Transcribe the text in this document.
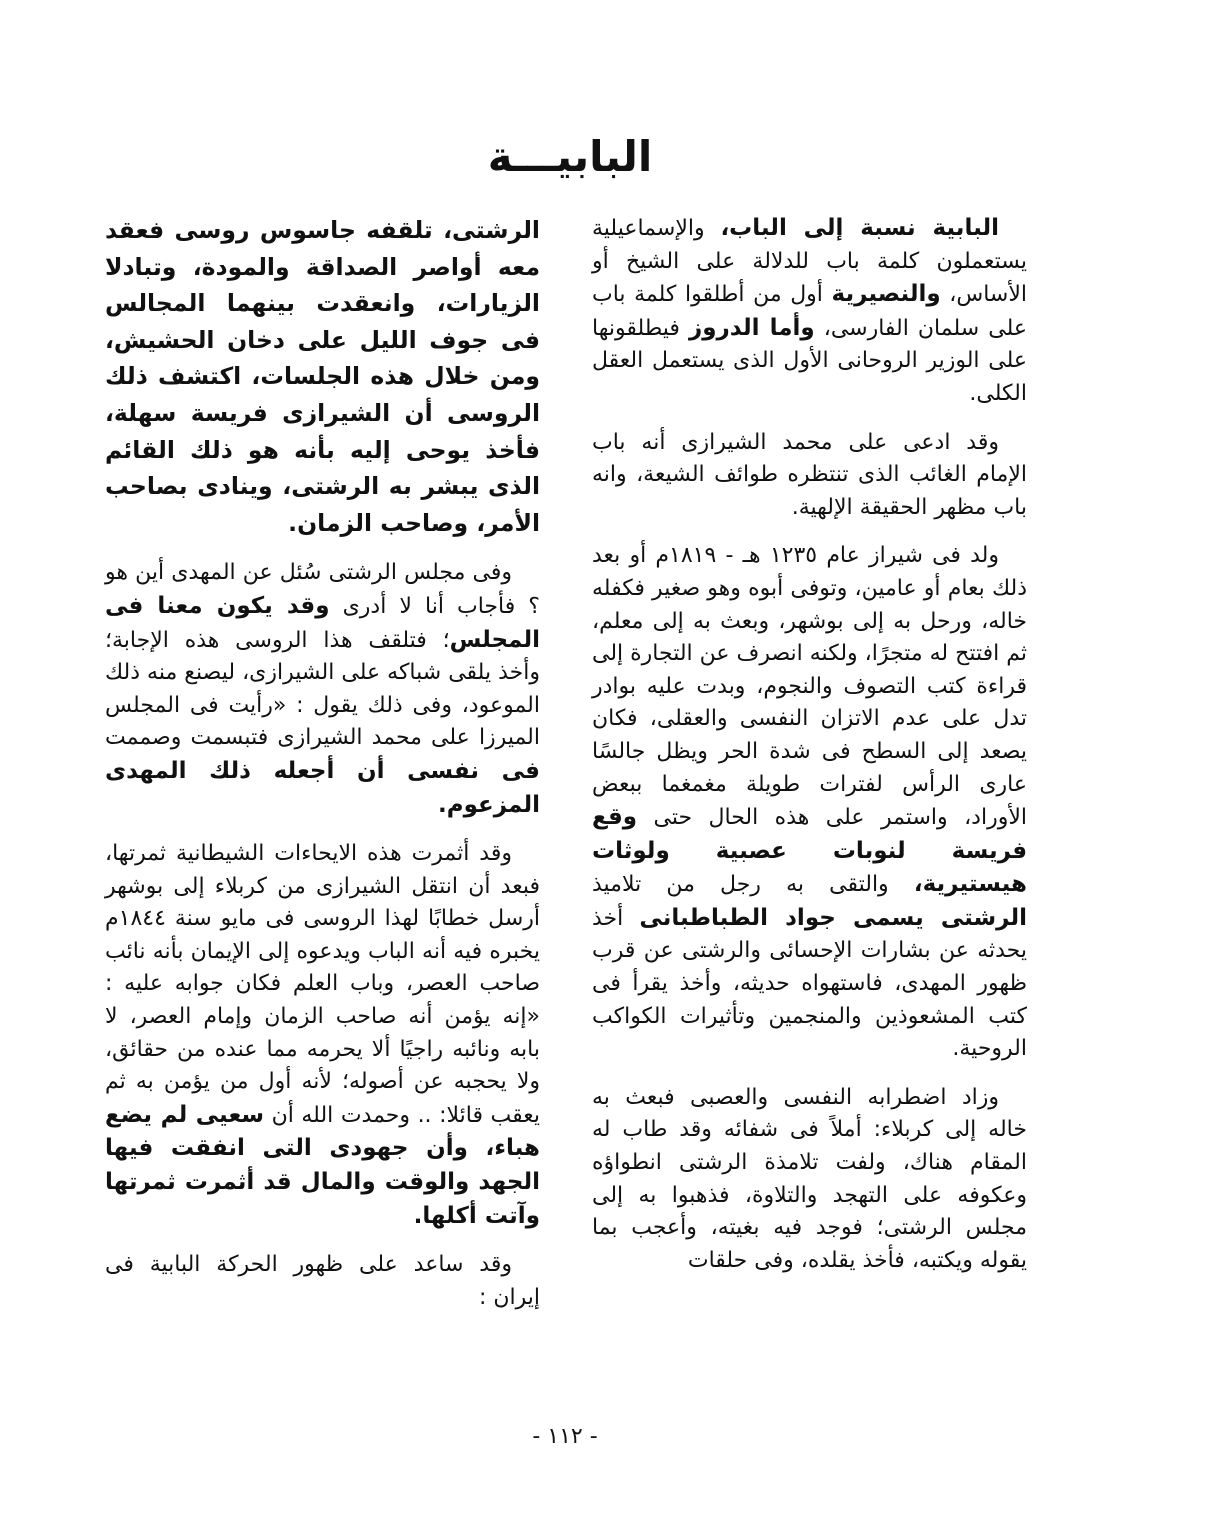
البابيـــة

البابية نسبة إلى الباب، والإسماعيلية يستعملون كلمة باب للدلالة على الشيخ أو الأساس، والنصيرية أول من أطلقوا كلمة باب على سلمان الفارسى، وأما الدروز فيطلقونها على الوزير الروحانى الأول الذى يستعمل العقل الكلى.

وقد ادعى على محمد الشيرازى أنه باب الإمام الغائب الذى تنتظره طوائف الشيعة، وانه باب مظهر الحقيقة الإلهية.

ولد فى شيراز عام ١٢٣٥ هـ - ١٨١٩م أو بعد ذلك بعام أو عامين، وتوفى أبوه وهو صغير فكفله خاله، ورحل به إلى بوشهر، وبعث به إلى معلم، ثم افتتح له متجرًا، ولكنه انصرف عن التجارة إلى قراءة كتب التصوف والنجوم، وبدت عليه بوادر تدل على عدم الاتزان النفسى والعقلى، فكان يصعد إلى السطح فى شدة الحر ويظل جالسًا عارى الرأس لفترات طويلة مغمغما ببعض الأوراد، واستمر على هذه الحال حتى وقع فريسة لنوبات عصبية ولوثات هيستيرية، والتقى به رجل من تلاميذ الرشتى يسمى جواد الطباطبانى أخذ يحدثه عن بشارات الإحسائى والرشتى عن قرب ظهور المهدى، فاستهواه حديثه، وأخذ يقرأ فى كتب المشعوذين والمنجمين وتأثيرات الكواكب الروحية.

وزاد اضطرابه النفسى والعصبى فبعث به خاله إلى كربلاء: أملاً فى شفائه وقد طاب له المقام هناك، ولفت تلامذة الرشتى انطواؤه وعكوفه على التهجد والتلاوة، فذهبوا به إلى مجلس الرشتى؛ فوجد فيه بغيته، وأعجب بما يقوله ويكتبه، فأخذ يقلده، وفى حلقات

الرشتى، تلقفه جاسوس روسى فعقد معه أواصر الصداقة والمودة، وتبادلا الزيارات، وانعقدت بينهما المجالس فى جوف الليل على دخان الحشيش، ومن خلال هذه الجلسات، اكتشف ذلك الروسى أن الشيرازى فريسة سهلة، فأخذ يوحى إليه بأنه هو ذلك القائم الذى يبشر به الرشتى، وينادى بصاحب الأمر، وصاحب الزمان.

وفى مجلس الرشتى سُئل عن المهدى أين هو ؟ فأجاب أنا لا أدرى وقد يكون معنا فى المجلس؛ فتلقف هذا الروسى هذه الإجابة؛ وأخذ يلقى شباكه على الشيرازى، ليصنع منه ذلك الموعود، وفى ذلك يقول : «رأيت فى المجلس الميرزا على محمد الشيرازى فتبسمت وصممت فى نفسى أن أجعله ذلك المهدى المزعوم.

وقد أثمرت هذه الايحاءات الشيطانية ثمرتها، فبعد أن انتقل الشيرازى من كربلاء إلى بوشهر أرسل خطابًا لهذا الروسى فى مايو سنة ١٨٤٤م يخبره فيه أنه الباب ويدعوه إلى الإيمان بأنه نائب صاحب العصر، وباب العلم فكان جوابه عليه : «إنه يؤمن أنه صاحب الزمان وإمام العصر، لا بابه ونائبه راجيًا ألا يحرمه مما عنده من حقائق، ولا يحجبه عن أصوله؛ لأنه أول من يؤمن به ثم يعقب قائلا: .. وحمدت الله أن سعيى لم يضع هباء، وأن جهودى التى انفقت فيها الجهد والوقت والمال قد أثمرت ثمرتها وآتت أكلها.

وقد ساعد على ظهور الحركة البابية فى إيران :

- ١١٢ -
